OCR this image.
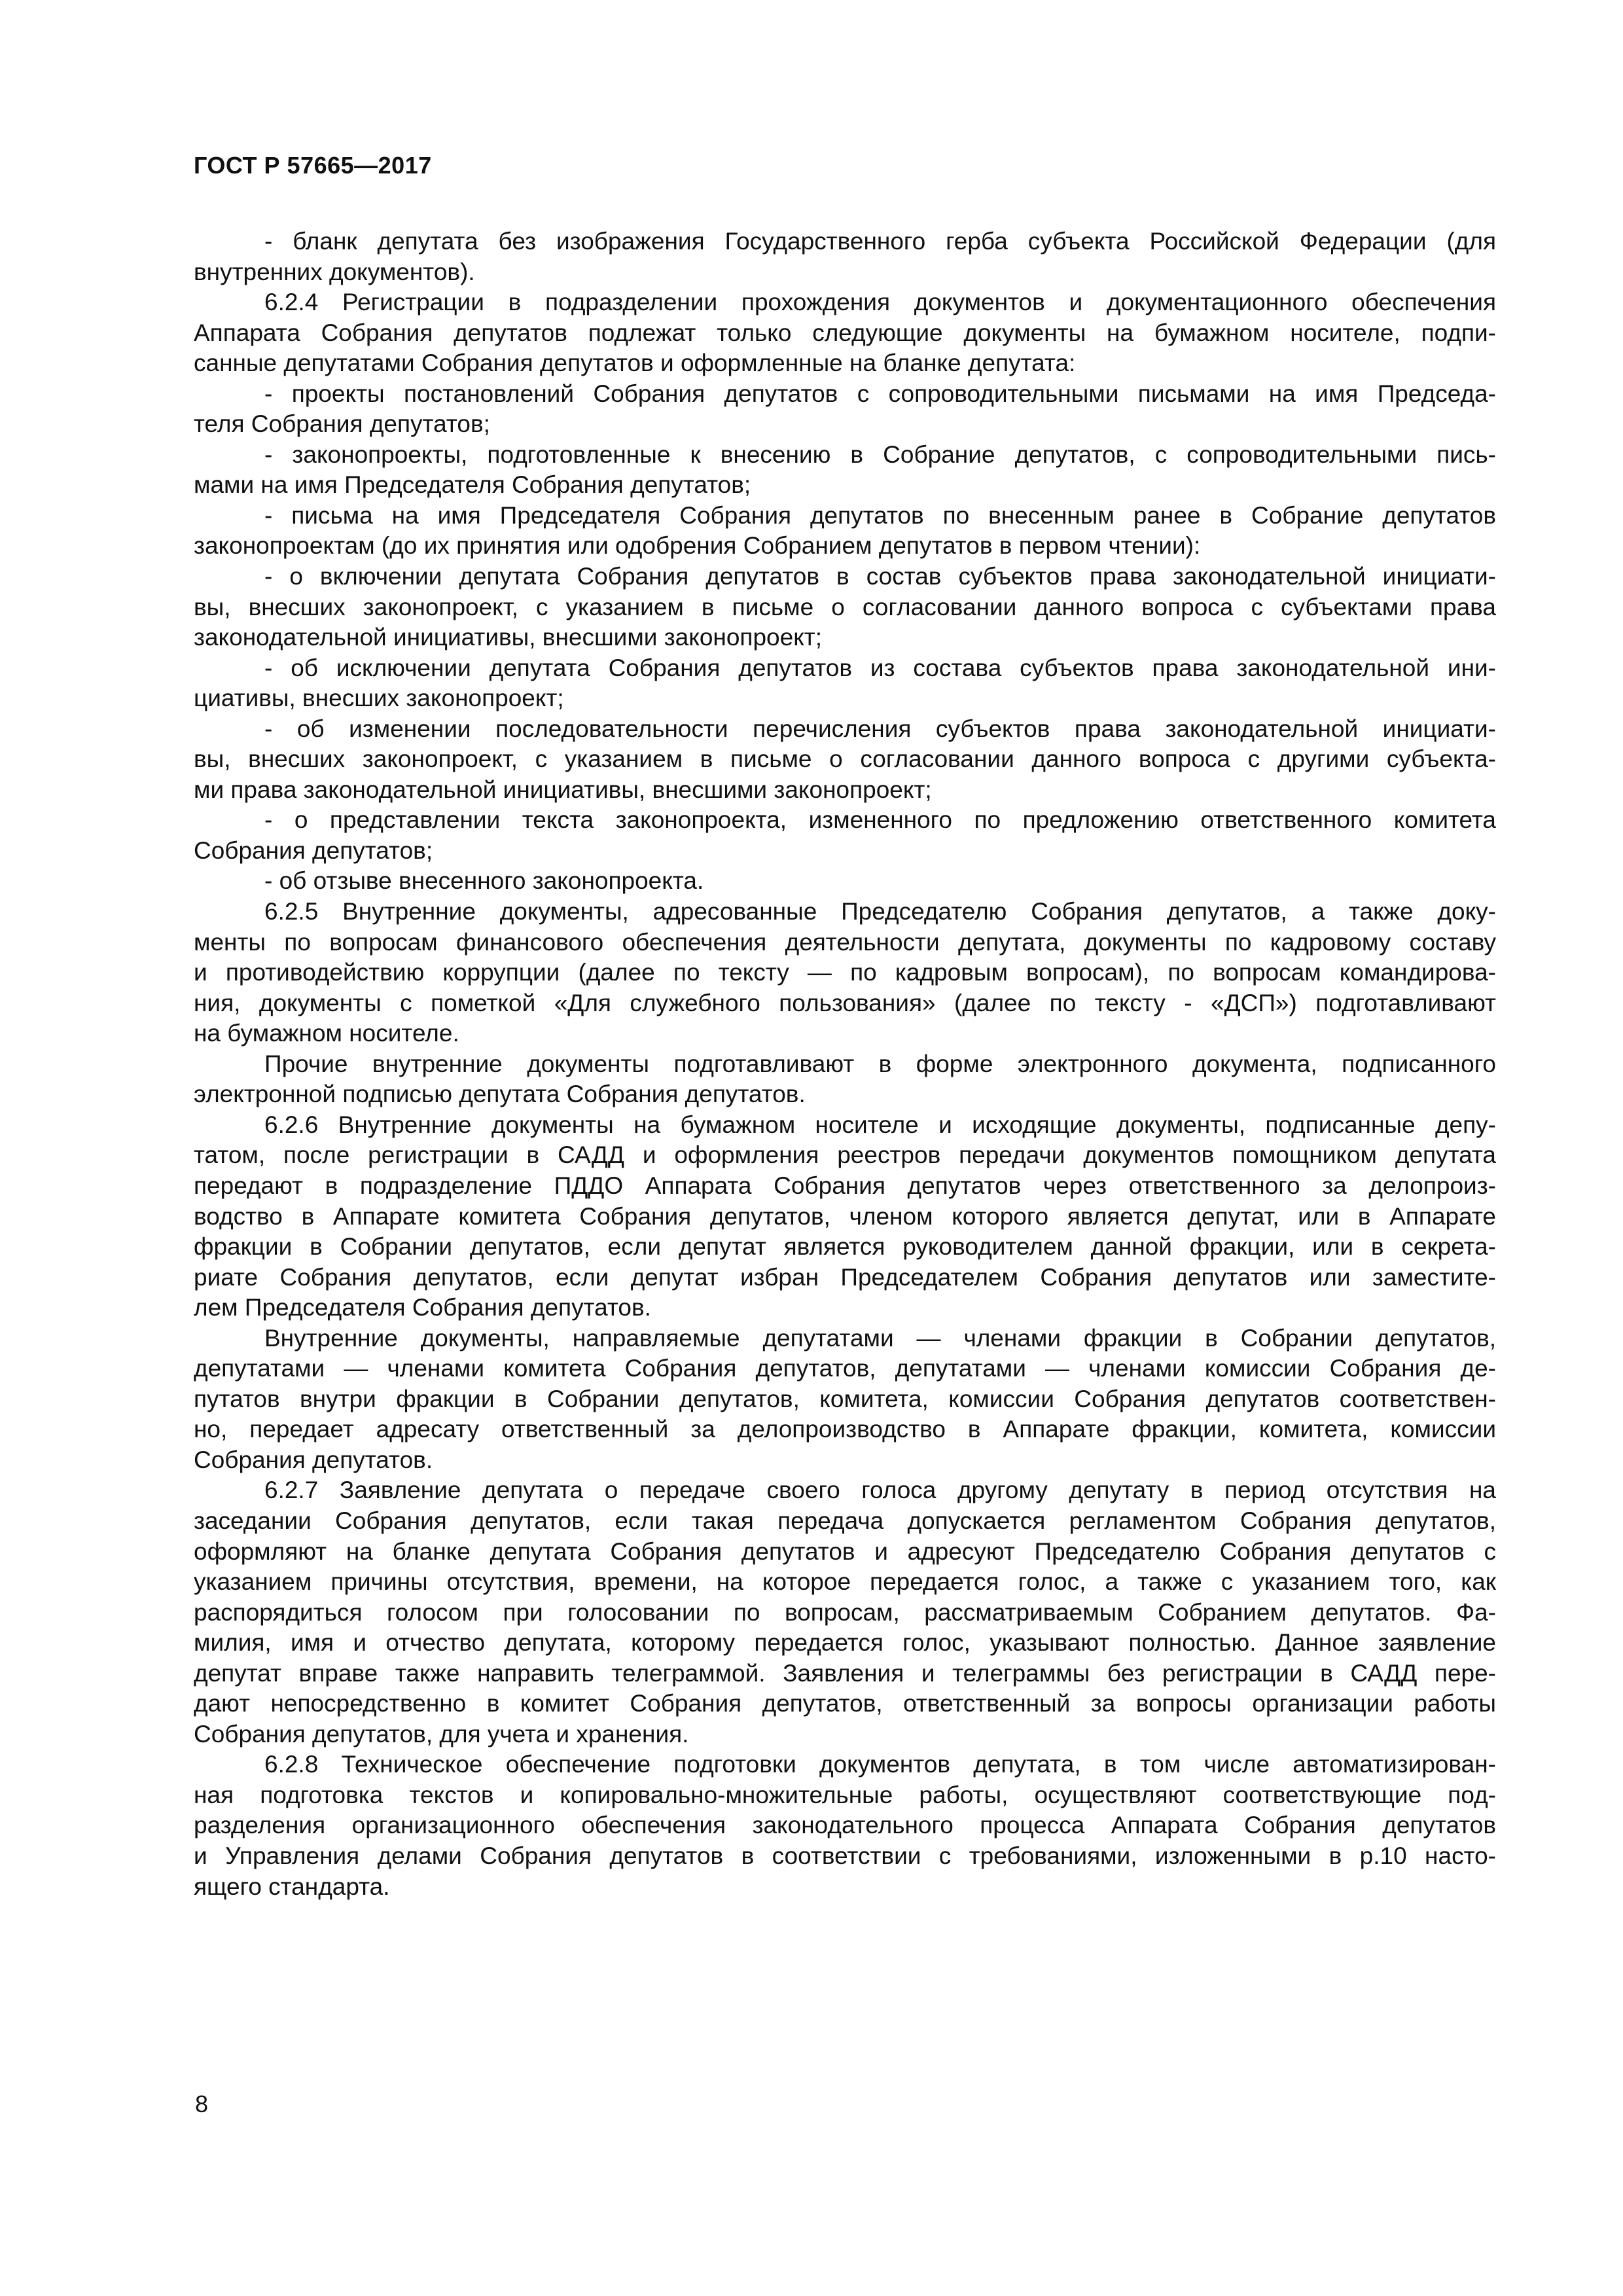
ГОСТ Р 57665—2017
- бланк депутата без изображения Государственного герба субъекта Российской Федерации (для
внутренних документов).
6.2.4 Регистрации в подразделении прохождения документов и документационного обеспечения
Аппарата Собрания депутатов подлежат только следующие документы на бумажном носителе, подпи-
санные депутатами Собрания депутатов и оформленные на бланке депутата:
- проекты постановлений Собрания депутатов с сопроводительными письмами на имя Председа-
теля Собрания депутатов;
- законопроекты, подготовленные к внесению в Собрание депутатов, с сопроводительными пись-
мами на имя Председателя Собрания депутатов;
- письма на имя Председателя Собрания депутатов по внесенным ранее в Собрание депутатов
законопроектам (до их принятия или одобрения Собранием депутатов в первом чтении):
- о включении депутата Собрания депутатов в состав субъектов права законодательной инициати-
вы, внесших законопроект, с указанием в письме о согласовании данного вопроса с субъектами права
законодательной инициативы, внесшими законопроект;
- об исключении депутата Собрания депутатов из состава субъектов права законодательной ини-
циативы, внесших законопроект;
- об изменении последовательности перечисления субъектов права законодательной инициати-
вы, внесших законопроект, с указанием в письме о согласовании данного вопроса с другими субъекта-
ми права законодательной инициативы, внесшими законопроект;
- о представлении текста законопроекта, измененного по предложению ответственного комитета
Собрания депутатов;
- об отзыве внесенного законопроекта.
6.2.5 Внутренние документы, адресованные Председателю Собрания депутатов, а также доку-
менты по вопросам финансового обеспечения деятельности депутата, документы по кадровому составу
и противодействию коррупции (далее по тексту — по кадровым вопросам), по вопросам командирова-
ния, документы с пометкой «Для служебного пользования» (далее по тексту - «ДСП») подготавливают
на бумажном носителе.
Прочие внутренние документы подготавливают в форме электронного документа, подписанного
электронной подписью депутата Собрания депутатов.
6.2.6 Внутренние документы на бумажном носителе и исходящие документы, подписанные депу-
татом, после регистрации в САДД и оформления реестров передачи документов помощником депутата
передают в подразделение ПДДО Аппарата Собрания депутатов через ответственного за делопроиз-
водство в Аппарате комитета Собрания депутатов, членом которого является депутат, или в Аппарате
фракции в Собрании депутатов, если депутат является руководителем данной фракции, или в секрета-
риате Собрания депутатов, если депутат избран Председателем Собрания депутатов или заместите-
лем Председателя Собрания депутатов.
Внутренние документы, направляемые депутатами — членами фракции в Собрании депутатов,
депутатами — членами комитета Собрания депутатов, депутатами — членами комиссии Собрания де-
путатов внутри фракции в Собрании депутатов, комитета, комиссии Собрания депутатов соответствен-
но, передает адресату ответственный за делопроизводство в Аппарате фракции, комитета, комиссии
Собрания депутатов.
6.2.7 Заявление депутата о передаче своего голоса другому депутату в период отсутствия на
заседании Собрания депутатов, если такая передача допускается регламентом Собрания депутатов,
оформляют на бланке депутата Собрания депутатов и адресуют Председателю Собрания депутатов с
указанием причины отсутствия, времени, на которое передается голос, а также с указанием того, как
распорядиться голосом при голосовании по вопросам, рассматриваемым Собранием депутатов. Фа-
милия, имя и отчество депутата, которому передается голос, указывают полностью. Данное заявление
депутат вправе также направить телеграммой. Заявления и телеграммы без регистрации в САДД пере-
дают непосредственно в комитет Собрания депутатов, ответственный за вопросы организации работы
Собрания депутатов, для учета и хранения.
6.2.8 Техническое обеспечение подготовки документов депутата, в том числе автоматизирован-
ная подготовка текстов и копировально-множительные работы, осуществляют соответствующие под-
разделения организационного обеспечения законодательного процесса Аппарата Собрания депутатов
и Управления делами Собрания депутатов в соответствии с требованиями, изложенными в р.10 насто-
ящего стандарта.
8
